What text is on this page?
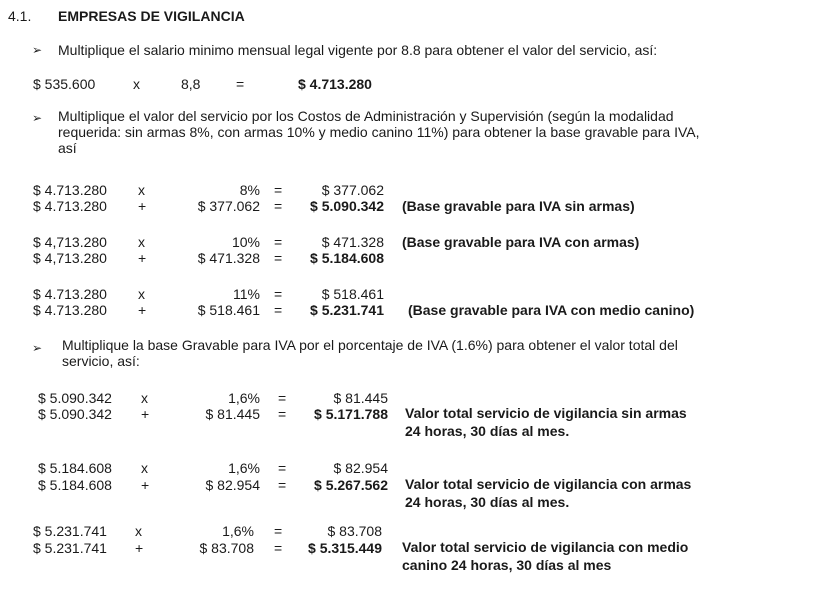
4.1. EMPRESAS DE VIGILANCIA
➢ Multiplique el salario minimo mensual legal vigente por 8.8 para obtener el valor del servicio, así:
$ 535.600	x	8,8	=	$ 4.713.280
➢ Multiplique el valor del servicio por los Costos de Administración y Supervisión (según la modalidad
requerida: sin armas 8%, con armas 10% y medio canino 11%) para obtener la base gravable para IVA,
así
$ 4.713.280 x	8% =	$ 377.062
$ 4.713.280 +	$ 377.062 =	$ 5.090.342 (Base gravable para IVA sin armas)
$ 4,713.280 x	10% =	$ 471.328 (Base gravable para IVA con armas)
$ 4,713.280 +	$ 471.328 =	$ 5.184.608
$ 4.713.280 x	11% =	$ 518.461
$ 4.713.280 +	$ 518.461 =	$ 5.231.741 (Base gravable para IVA con medio canino)
➢ Multiplique la base Gravable para IVA por el porcentaje de IVA (1.6%) para obtener el valor total del
servicio, así:
$ 5.090.342 x	1,6% =	$ 81.445
$ 5.090.342 +	$ 81.445 =	$ 5.171.788 Valor total servicio de vigilancia sin armas
24 horas, 30 días al mes.
$ 5.184.608 x	1,6% =	$ 82.954
$ 5.184.608 +	$ 82.954 =	$ 5.267.562 Valor total servicio de vigilancia con armas
24 horas, 30 días al mes.
$ 5.231.741 x	1,6% =	$ 83.708
$ 5.231.741 +	$ 83.708 =	$ 5.315.449 Valor total servicio de vigilancia con medio
canino 24 horas, 30 días al mes
